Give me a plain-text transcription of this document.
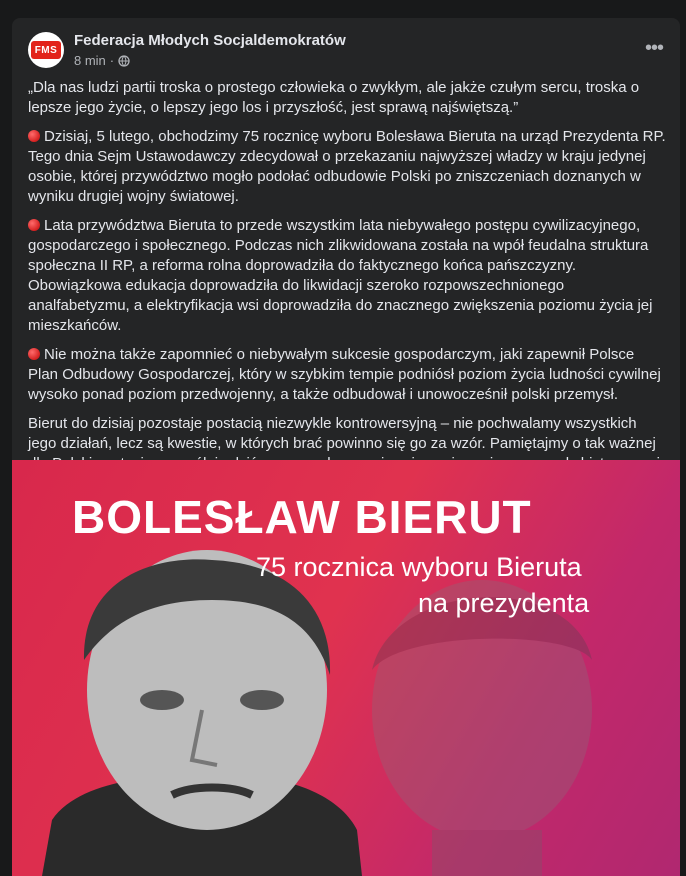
FMS
Federacja Młodych Socjaldemokratów
8 min ·
•••

„Dla nas ludzi partii troska o prostego człowieka o zwykłym, ale jakże czułym sercu, troska o lepsze jego życie, o lepszy jego los i przyszłość, jest sprawą najświętszą.”

Dzisiaj, 5 lutego, obchodzimy 75 rocznicę wyboru Bolesława Bieruta na urząd Prezydenta RP. Tego dnia Sejm Ustawodawczy zdecydował o przekazaniu najwyższej władzy w kraju jedynej osobie, której przywództwo mogło podołać odbudowie Polski po zniszczeniach doznanych w wyniku drugiej wojny światowej.

Lata przywództwa Bieruta to przede wszystkim lata niebywałego postępu cywilizacyjnego, gospodarczego i społecznego. Podczas nich zlikwidowana została na wpół feudalna struktura społeczna II RP, a reforma rolna doprowadziła do faktycznego końca pańszczyzny. Obowiązkowa edukacja doprowadziła do likwidacji szeroko rozpowszechnionego analfabetyzmu, a elektryfikacja wsi doprowadziła do znacznego zwiększenia poziomu życia jej mieszkańców.

Nie można także zapomnieć o niebywałym sukcesie gospodarczym, jaki zapewnił Polsce Plan Odbudowy Gospodarczej, który w szybkim tempie podniósł poziom życia ludności cywilnej wysoko ponad poziom przedwojenny, a także odbudował i unowocześnił polski przemysł.

Bierut do dzisiaj pozostaje postacią niezwykle kontrowersyjną – nie pochwalamy wszystkich jego działań, lecz są kwestie, w których brać powinno się go za wzór. Pamiętajmy o tak ważnej

BOLESŁAW BIERUT
75 rocznica wyboru Bieruta
na prezydenta
